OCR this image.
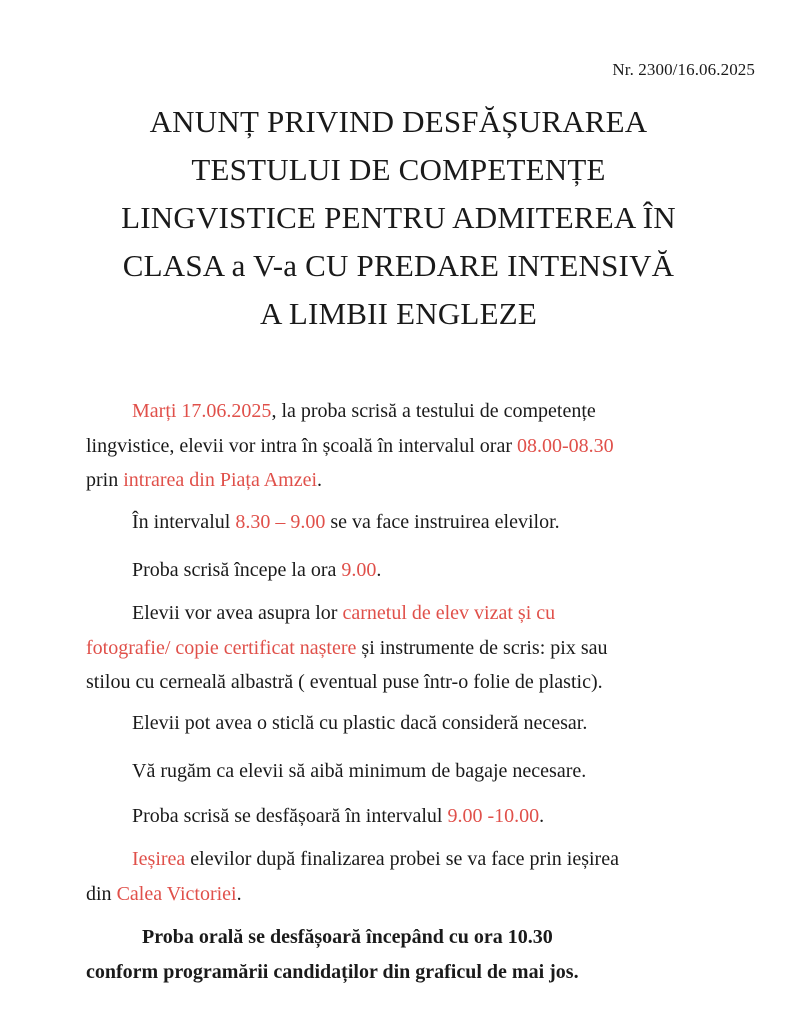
Nr. 2300/16.06.2025
ANUNȚ PRIVIND DESFĂȘURAREA
TESTULUI DE COMPETENȚE
LINGVISTICE PENTRU ADMITEREA ÎN
CLASA a V-a CU PREDARE INTENSIVĂ
A LIMBII ENGLEZE
Marți 17.06.2025, la proba scrisă a testului de competențe
lingvistice, elevii vor intra în școală în intervalul orar 08.00-08.30
prin intrarea din Piața Amzei.
În intervalul 8.30 – 9.00 se va face instruirea elevilor.
Proba scrisă începe la ora 9.00.
Elevii vor avea asupra lor carnetul de elev vizat și cu
fotografie/ copie certificat naștere și instrumente de scris: pix sau
stilou cu cerneală albastră ( eventual puse într-o folie de plastic).
Elevii pot avea o sticlă cu plastic dacă consideră necesar.
Vă rugăm ca elevii să aibă minimum de bagaje necesare.
Proba scrisă se desfășoară în intervalul 9.00 -10.00.
Ieșirea elevilor după finalizarea probei se va face prin ieșirea
din Calea Victoriei.
Proba orală se desfășoară începând cu ora 10.30
conform programării candidaților din graficul de mai jos.
